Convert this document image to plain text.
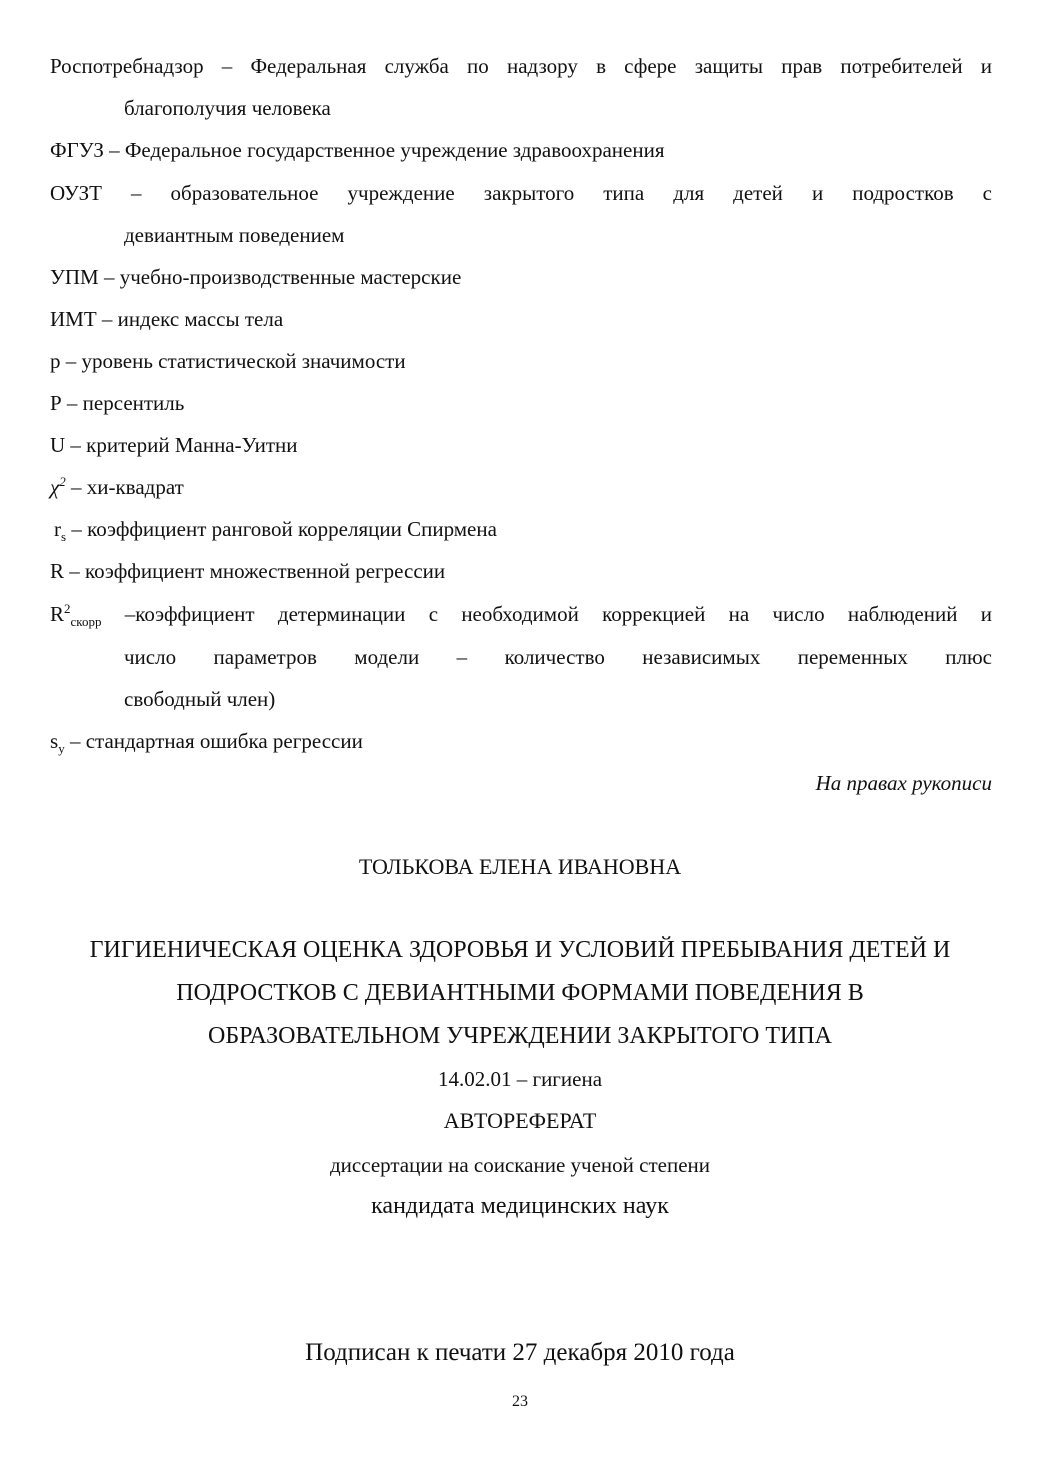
Роспотребнадзор – Федеральная служба по надзору в сфере защиты прав потребителей и
благополучия человека
ФГУЗ – Федеральное государственное учреждение здравоохранения
ОУЗТ – образовательное учреждение закрытого типа для детей и подростков с
девиантным поведением
УПМ – учебно-производственные мастерские
ИМТ – индекс массы тела
р – уровень статистической значимости
Р – персентиль
U – критерий Манна-Уитни
$\chi^2$ – хи-квадрат
$r_s$ – коэффициент ранговой корреляции Спирмена
R – коэффициент множественной регрессии
$R^2_{скорр}$ –коэффициент детерминации с необходимой коррекцией на число наблюдений и
число параметров модели – количество независимых переменных плюс
свободный член)
$s_y$ – стандартная ошибка регрессии
На правах рукописи
ТОЛЬКОВА ЕЛЕНА ИВАНОВНА
ГИГИЕНИЧЕСКАЯ ОЦЕНКА ЗДОРОВЬЯ И УСЛОВИЙ ПРЕБЫВАНИЯ ДЕТЕЙ И
ПОДРОСТКОВ С ДЕВИАНТНЫМИ ФОРМАМИ ПОВЕДЕНИЯ В
ОБРАЗОВАТЕЛЬНОМ УЧРЕЖДЕНИИ ЗАКРЫТОГО ТИПА
14.02.01 – гигиена
АВТОРЕФЕРАТ
диссертации на соискание ученой степени
кандидата медицинских наук
Подписан к печати 27 декабря 2010 года
23
